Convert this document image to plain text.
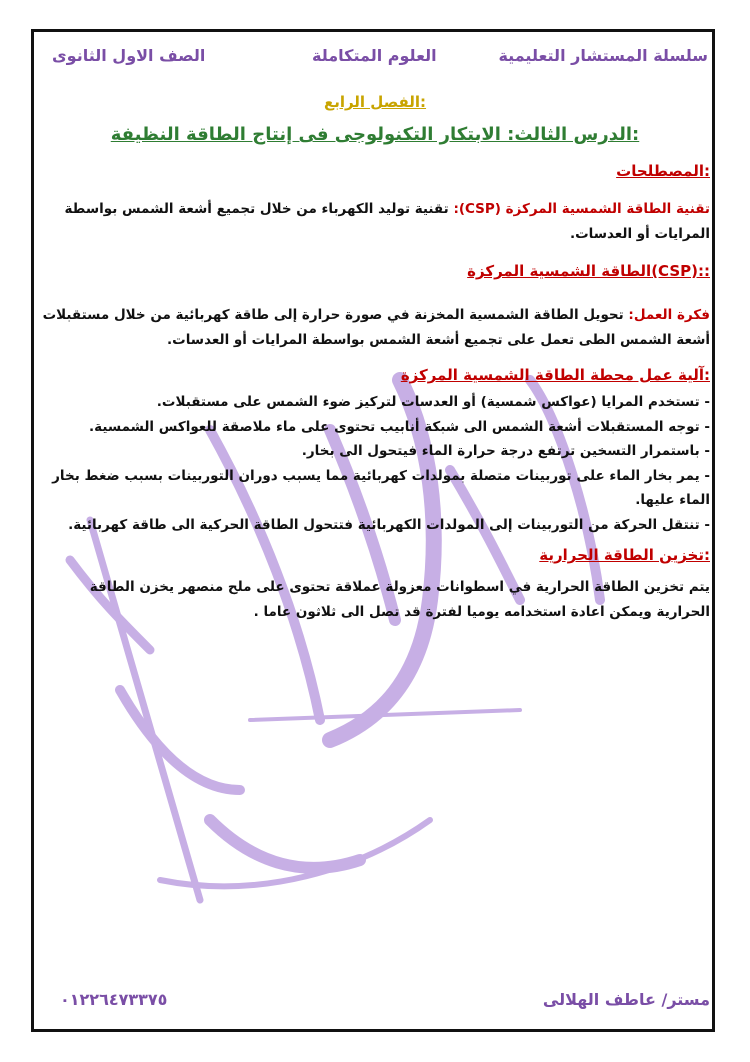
سلسلة المستشار التعليمية
العلوم المتكاملة
الصف الاول الثانوى
الفصل الرابع:
الدرس الثالث: الابتكار التكنولوجى فى إنتاج الطاقة النظيفة:
المصطلحات:
تقنية الطاقة الشمسية المركزة (CSP): تقنية توليد الكهرباء من خلال تجميع أشعة الشمس بواسطة المرايات أو العدسات.
الطاقة الشمسية المركزة(CSP)::
فكرة العمل: تحويل الطاقة الشمسية المخزنة في صورة حرارة إلى طاقة كهربائية من خلال مستقبلات أشعة الشمس الطى تعمل على تجميع أشعة الشمس بواسطة المرايات أو العدسات.
آلية عمل محطة الطاقة الشمسية المركزة:
- تستخدم المرايا (عواكس شمسية) أو العدسات لتركيز ضوء الشمس على مستقبلات.
- توجه المستقبلات أشعة الشمس الى شبكة أنابيب تحتوى على ماء ملاصقة للعواكس الشمسية.
- باستمرار التسخين ترتفع درجة حرارة الماء فيتحول الى بخار.
- يمر بخار الماء على توربينات متصلة بمولدات كهربائية مما يسبب دوران التوربينات بسبب ضغط بخار الماء عليها.
- تنتقل الحركة من التوربينات إلى المولدات الكهربائية فتتحول الطاقة الحركية الى طاقة كهربائية.
تخزين الطاقة الحرارية:
يتم تخزين الطاقة الحرارية في اسطوانات معزولة عملاقة تحتوى على ملح منصهر يخزن الطاقة الحرارية ويمكن اعادة استخدامه يوميا لفترة قد تصل الى ثلاثون عاما .
مستر/ عاطف الهلالى
٠١٢٢٦٤٧٣٣٧٥
